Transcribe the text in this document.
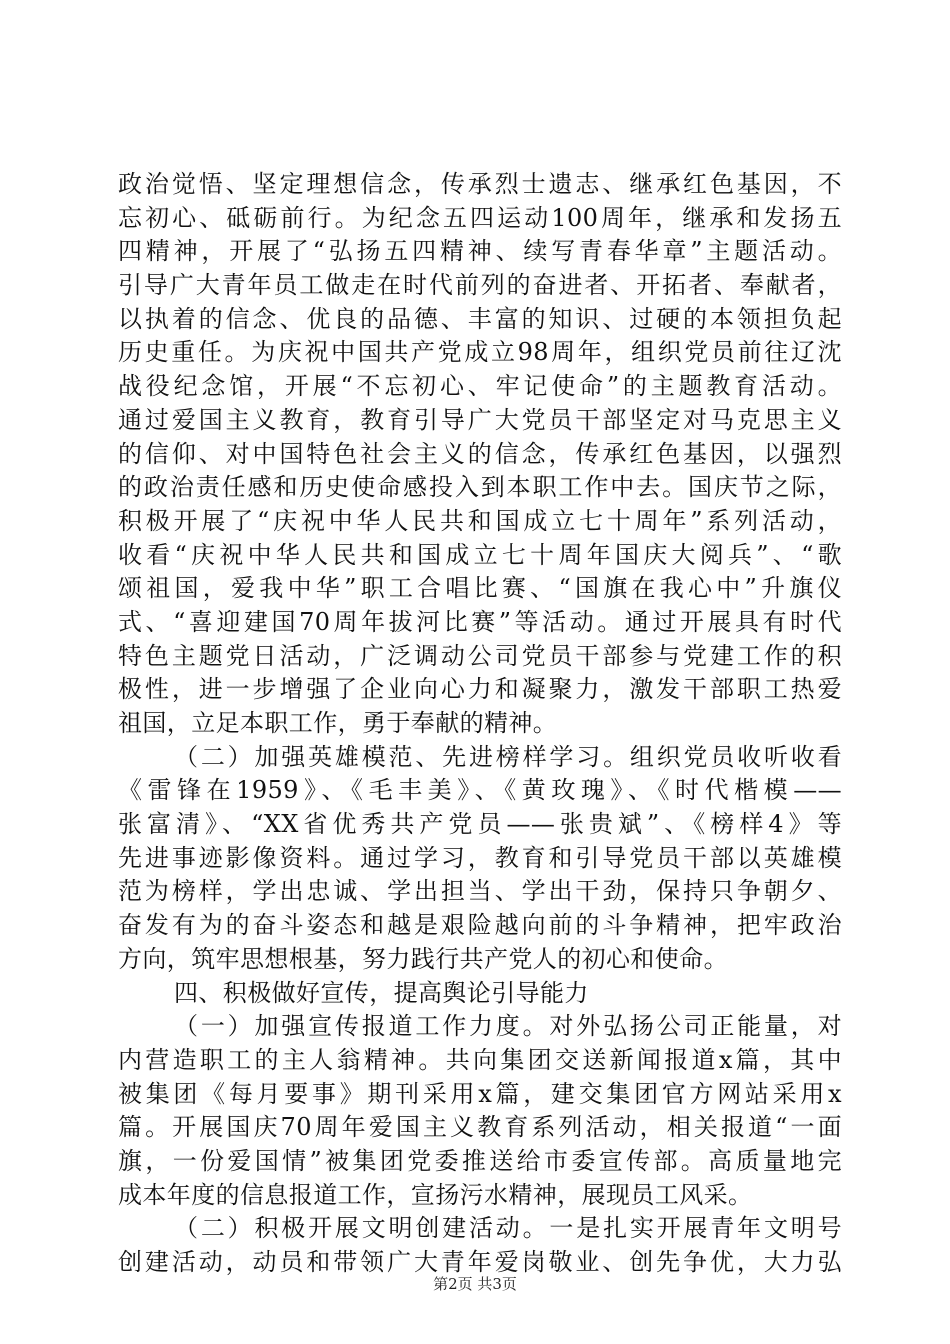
政治觉悟、坚定理想信念，传承烈士遗志、继承红色基因，不
忘初心、砥砺前行。为纪念五四运动100周年，继承和发扬五
四精神，开展了“弘扬五四精神、续写青春华章”主题活动。
引导广大青年员工做走在时代前列的奋进者、开拓者、奉献者，
以执着的信念、优良的品德、丰富的知识、过硬的本领担负起
历史重任。为庆祝中国共产党成立98周年，组织党员前往辽沈
战役纪念馆，开展“不忘初心、牢记使命”的主题教育活动。
通过爱国主义教育，教育引导广大党员干部坚定对马克思主义
的信仰、对中国特色社会主义的信念，传承红色基因，以强烈
的政治责任感和历史使命感投入到本职工作中去。国庆节之际，
积极开展了“庆祝中华人民共和国成立七十周年”系列活动，
收看“庆祝中华人民共和国成立七十周年国庆大阅兵”、“歌
颂祖国，爱我中华”职工合唱比赛、“国旗在我心中”升旗仪
式、“喜迎建国70周年拔河比赛”等活动。通过开展具有时代
特色主题党日活动，广泛调动公司党员干部参与党建工作的积
极性，进一步增强了企业向心力和凝聚力，激发干部职工热爱
祖国，立足本职工作，勇于奉献的精神。
（二）加强英雄模范、先进榜样学习。组织党员收听收看
《雷锋在1959》、《毛丰美》、《黄玫瑰》、《时代楷模——
张富清》、“XX省优秀共产党员——张贵斌”、《榜样4》等
先进事迹影像资料。通过学习，教育和引导党员干部以英雄模
范为榜样，学出忠诚、学出担当、学出干劲，保持只争朝夕、
奋发有为的奋斗姿态和越是艰险越向前的斗争精神，把牢政治
方向，筑牢思想根基，努力践行共产党人的初心和使命。
四、积极做好宣传，提高舆论引导能力
（一）加强宣传报道工作力度。对外弘扬公司正能量，对
内营造职工的主人翁精神。共向集团交送新闻报道x篇，其中
被集团《每月要事》期刊采用x篇，建交集团官方网站采用x
篇。开展国庆70周年爱国主义教育系列活动，相关报道“一面
旗，一份爱国情”被集团党委推送给市委宣传部。高质量地完
成本年度的信息报道工作，宣扬污水精神，展现员工风采。
（二）积极开展文明创建活动。一是扎实开展青年文明号
创建活动，动员和带领广大青年爱岗敬业、创先争优，大力弘
第2页 共3页
